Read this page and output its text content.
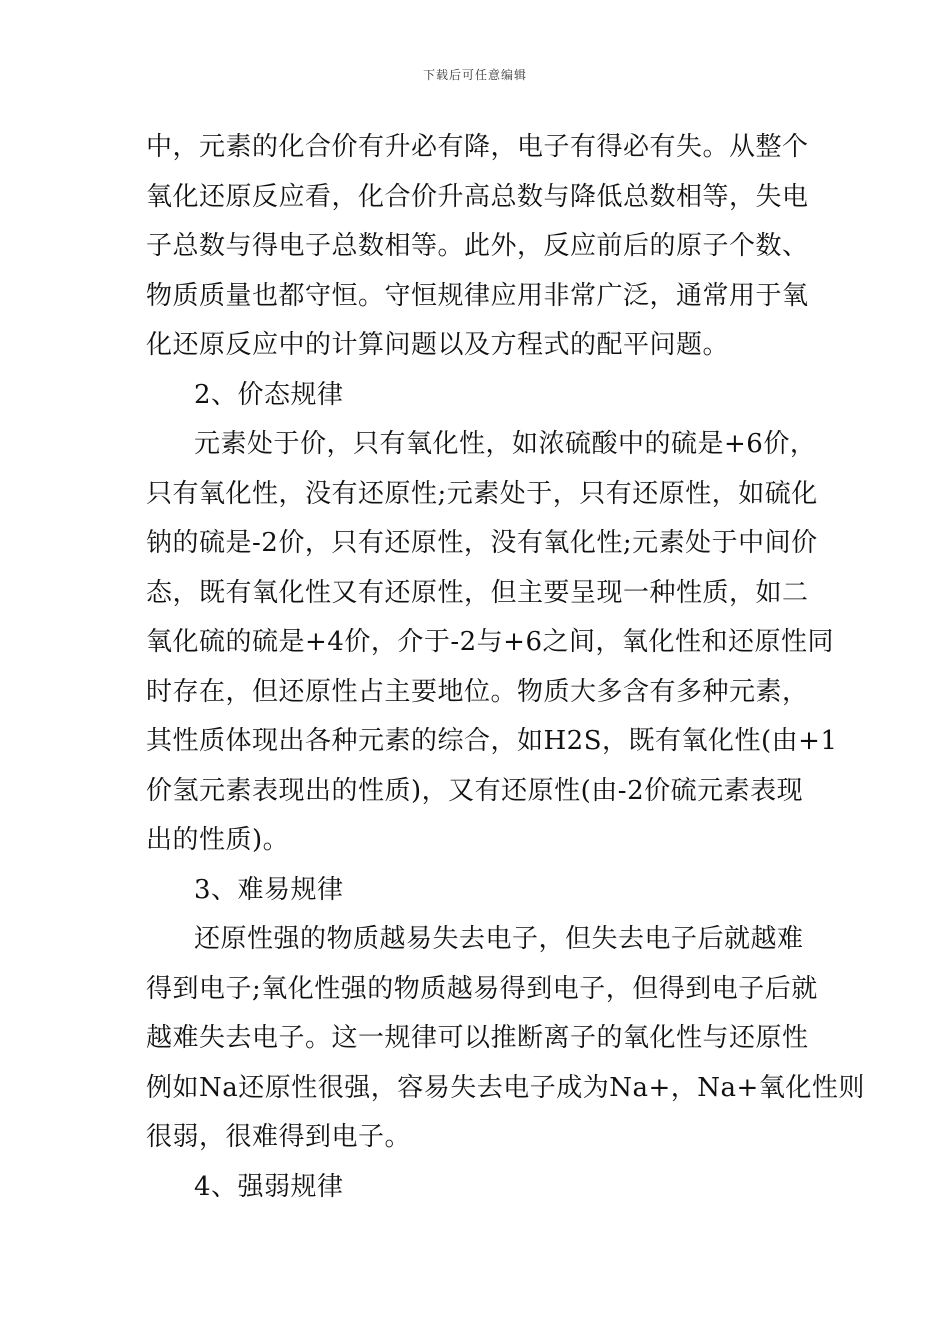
下载后可任意编辑
中，元素的化合价有升必有降，电子有得必有失。从整个
氧化还原反应看，化合价升高总数与降低总数相等，失电
子总数与得电子总数相等。此外，反应前后的原子个数、
物质质量也都守恒。守恒规律应用非常广泛，通常用于氧
化还原反应中的计算问题以及方程式的配平问题。
2、价态规律
元素处于价，只有氧化性，如浓硫酸中的硫是+6价，
只有氧化性，没有还原性;元素处于，只有还原性，如硫化
钠的硫是-2价，只有还原性，没有氧化性;元素处于中间价
态，既有氧化性又有还原性，但主要呈现一种性质，如二
氧化硫的硫是+4价，介于-2与+6之间，氧化性和还原性同
时存在，但还原性占主要地位。物质大多含有多种元素，
其性质体现出各种元素的综合，如H2S，既有氧化性(由+1
价氢元素表现出的性质)，又有还原性(由-2价硫元素表现
出的性质)。
3、难易规律
还原性强的物质越易失去电子，但失去电子后就越难
得到电子;氧化性强的物质越易得到电子，但得到电子后就
越难失去电子。这一规律可以推断离子的氧化性与还原性
例如Na还原性很强，容易失去电子成为Na+，Na+氧化性则
很弱，很难得到电子。
4、强弱规律
